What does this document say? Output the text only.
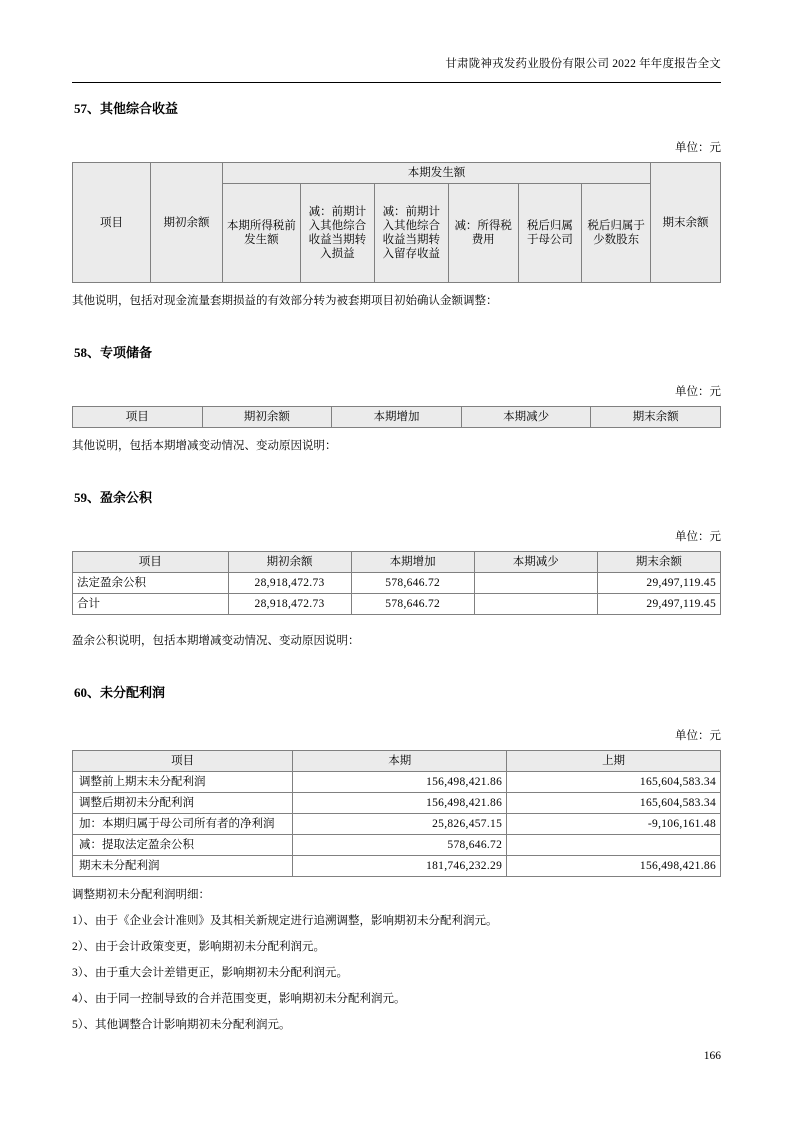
甘肃陇神戎发药业股份有限公司 2022 年年度报告全文
57、其他综合收益

单位：元

项目	期初余额	本期发生额						期末余额
		本期所得税前发生额	减：前期计入其他综合收益当期转入损益	减：前期计入其他综合收益当期转入留存收益	减：所得税费用	税后归属于母公司	税后归属于少数股东	

其他说明，包括对现金流量套期损益的有效部分转为被套期项目初始确认金额调整：

58、专项储备

单位：元

项目	期初余额	本期增加	本期减少	期末余额

其他说明，包括本期增减变动情况、变动原因说明：

59、盈余公积

单位：元

项目	期初余额	本期增加	本期减少	期末余额
法定盈余公积	28,918,472.73	578,646.72		29,497,119.45
合计	28,918,472.73	578,646.72		29,497,119.45

盈余公积说明，包括本期增减变动情况、变动原因说明：

60、未分配利润

单位：元

项目	本期	上期
调整前上期末未分配利润	156,498,421.86	165,604,583.34
调整后期初未分配利润	156,498,421.86	165,604,583.34
加：本期归属于母公司所有者的净利润	25,826,457.15	-9,106,161.48
减：提取法定盈余公积	578,646.72	
期末未分配利润	181,746,232.29	156,498,421.86

调整期初未分配利润明细：

1）、由于《企业会计准则》及其相关新规定进行追溯调整，影响期初未分配利润元。

2）、由于会计政策变更，影响期初未分配利润元。

3）、由于重大会计差错更正，影响期初未分配利润元。

4）、由于同一控制导致的合并范围变更，影响期初未分配利润元。

5）、其他调整合计影响期初未分配利润元。

166
